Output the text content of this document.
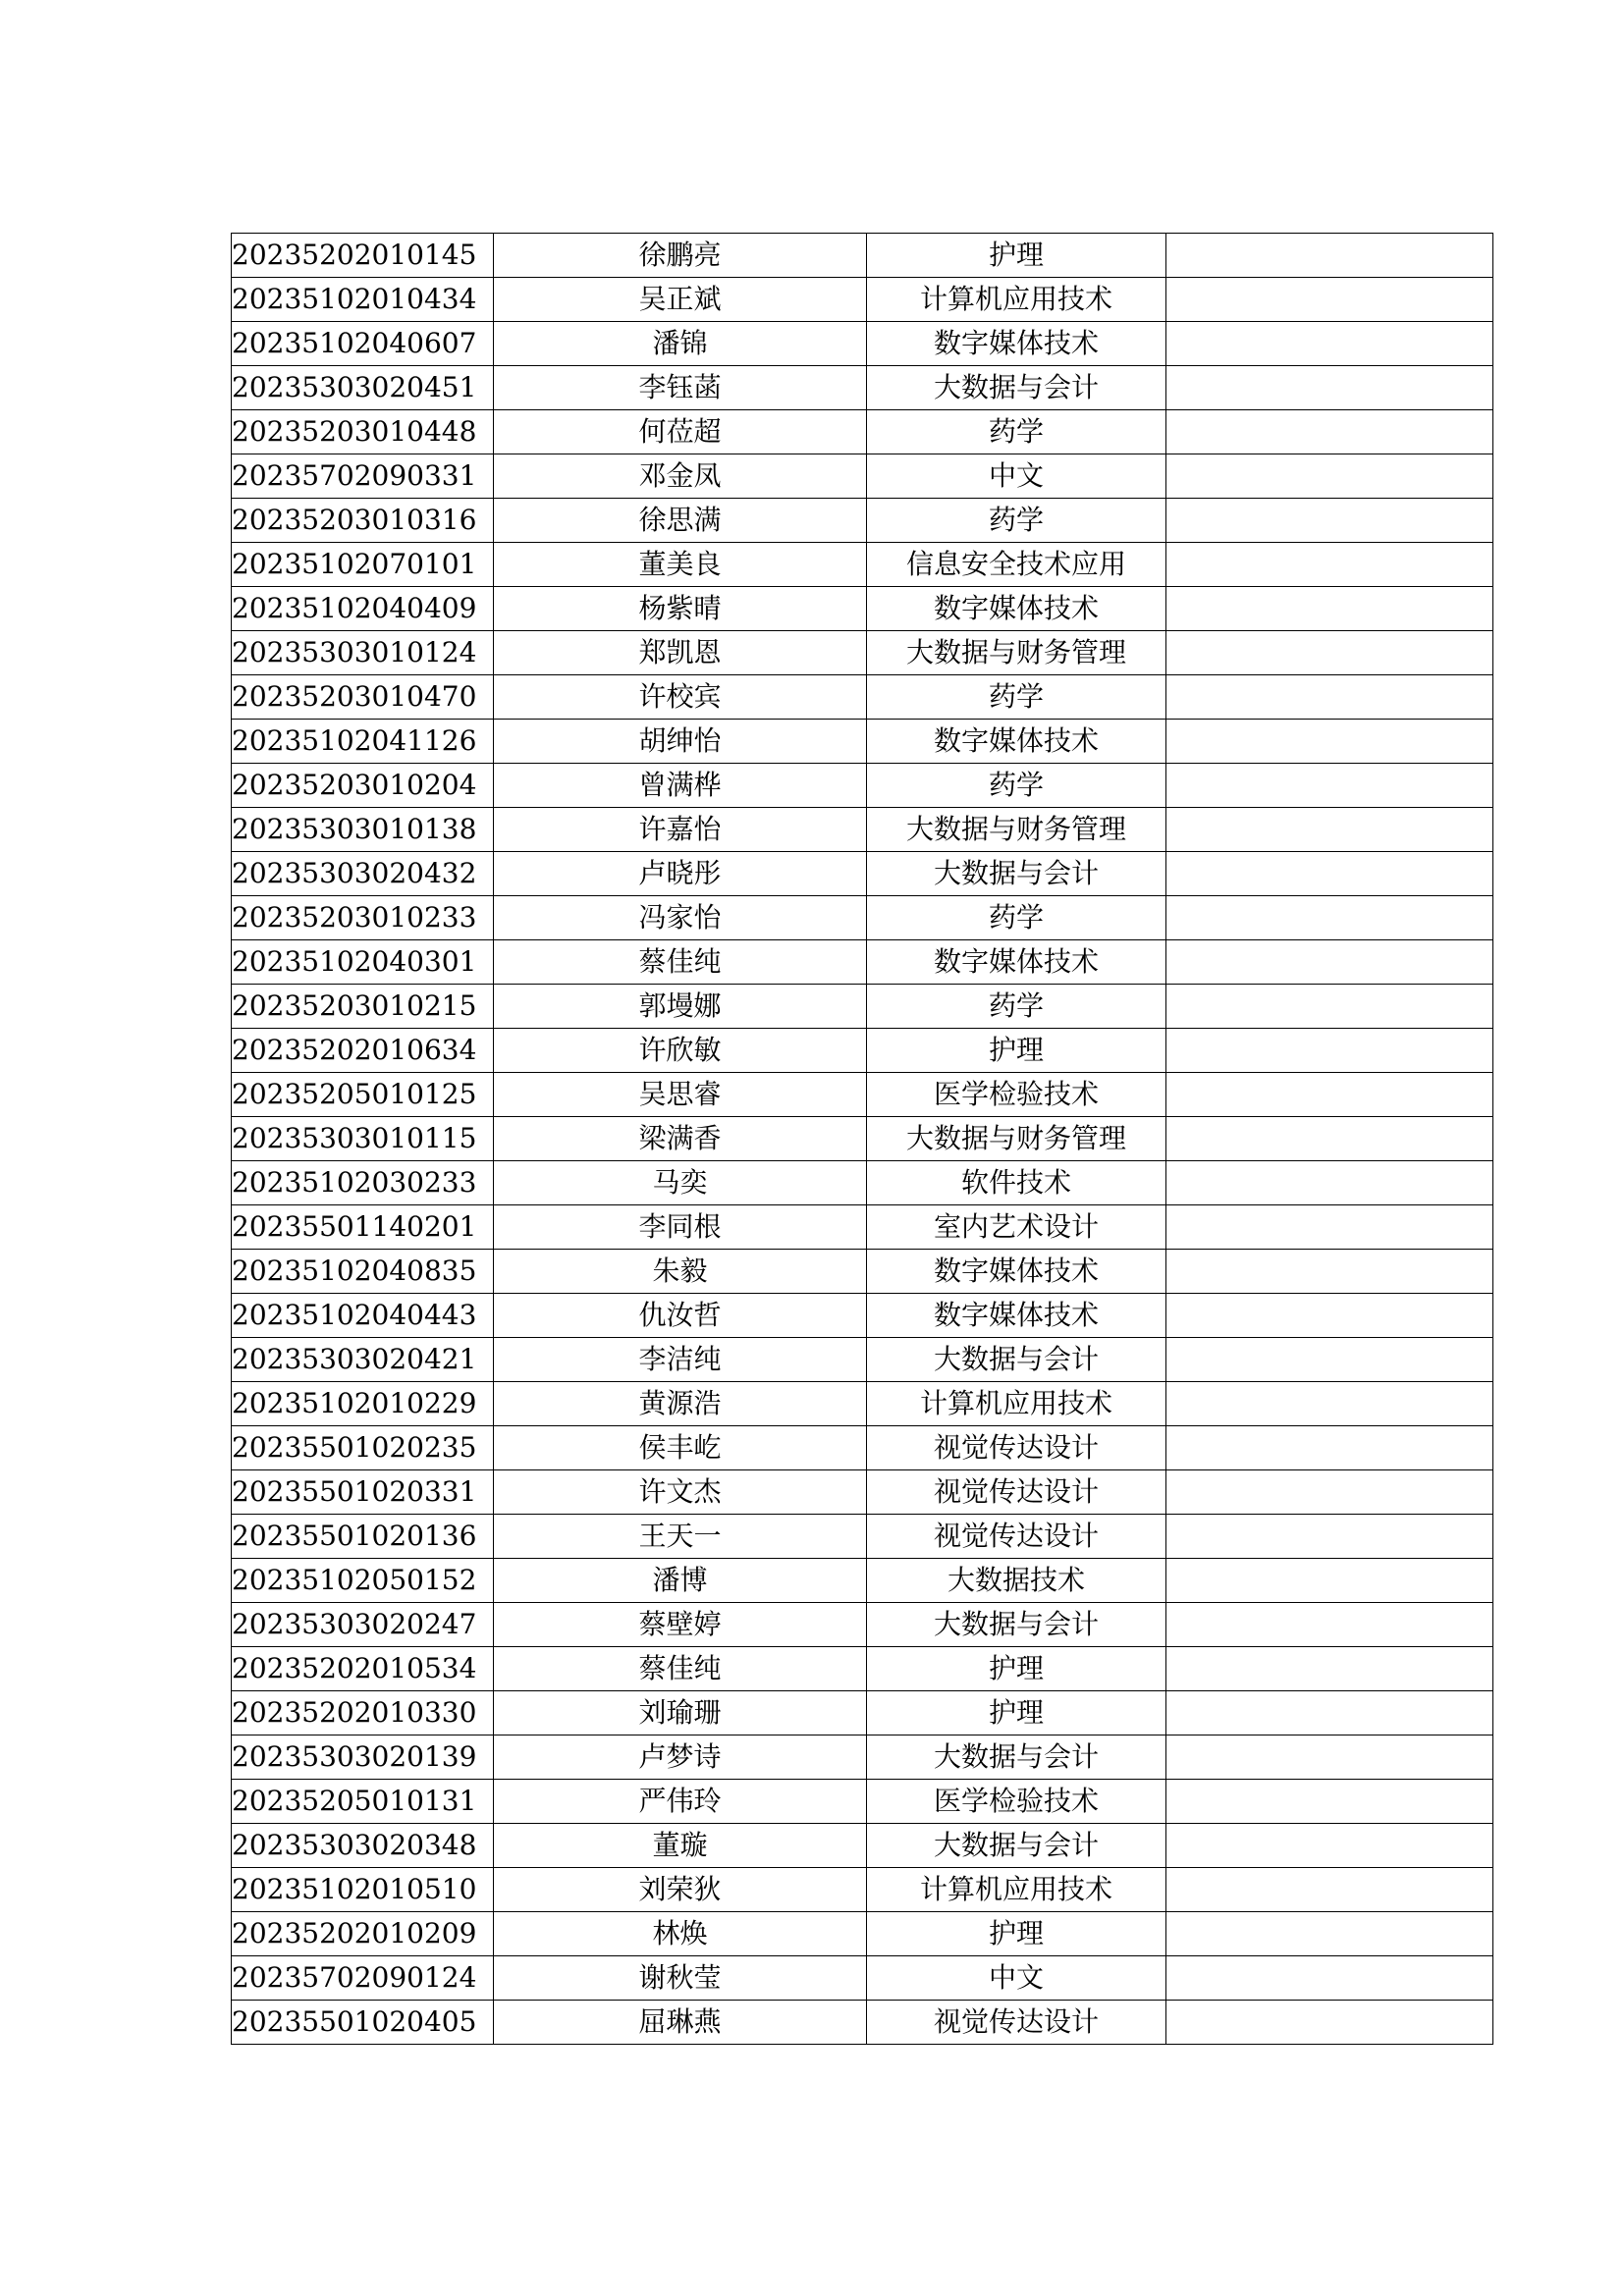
20235202010145	徐鹏亮	护理	
20235102010434	吴正斌	计算机应用技术	
20235102040607	潘锦	数字媒体技术	
20235303020451	李钰菡	大数据与会计	
20235203010448	何莅超	药学	
20235702090331	邓金凤	中文	
20235203010316	徐思满	药学	
20235102070101	董美良	信息安全技术应用	
20235102040409	杨紫晴	数字媒体技术	
20235303010124	郑凯恩	大数据与财务管理	
20235203010470	许校宾	药学	
20235102041126	胡绅怡	数字媒体技术	
20235203010204	曾满桦	药学	
20235303010138	许嘉怡	大数据与财务管理	
20235303020432	卢晓彤	大数据与会计	
20235203010233	冯家怡	药学	
20235102040301	蔡佳纯	数字媒体技术	
20235203010215	郭墁娜	药学	
20235202010634	许欣敏	护理	
20235205010125	吴思睿	医学检验技术	
20235303010115	梁满香	大数据与财务管理	
20235102030233	马奕	软件技术	
20235501140201	李同根	室内艺术设计	
20235102040835	朱毅	数字媒体技术	
20235102040443	仇汝哲	数字媒体技术	
20235303020421	李洁纯	大数据与会计	
20235102010229	黄源浩	计算机应用技术	
20235501020235	侯丰屹	视觉传达设计	
20235501020331	许文杰	视觉传达设计	
20235501020136	王天一	视觉传达设计	
20235102050152	潘博	大数据技术	
20235303020247	蔡壁婷	大数据与会计	
20235202010534	蔡佳纯	护理	
20235202010330	刘瑜珊	护理	
20235303020139	卢梦诗	大数据与会计	
20235205010131	严伟玲	医学检验技术	
20235303020348	董璇	大数据与会计	
20235102010510	刘荣狄	计算机应用技术	
20235202010209	林焕	护理	
20235702090124	谢秋莹	中文	
20235501020405	屈琳燕	视觉传达设计	
